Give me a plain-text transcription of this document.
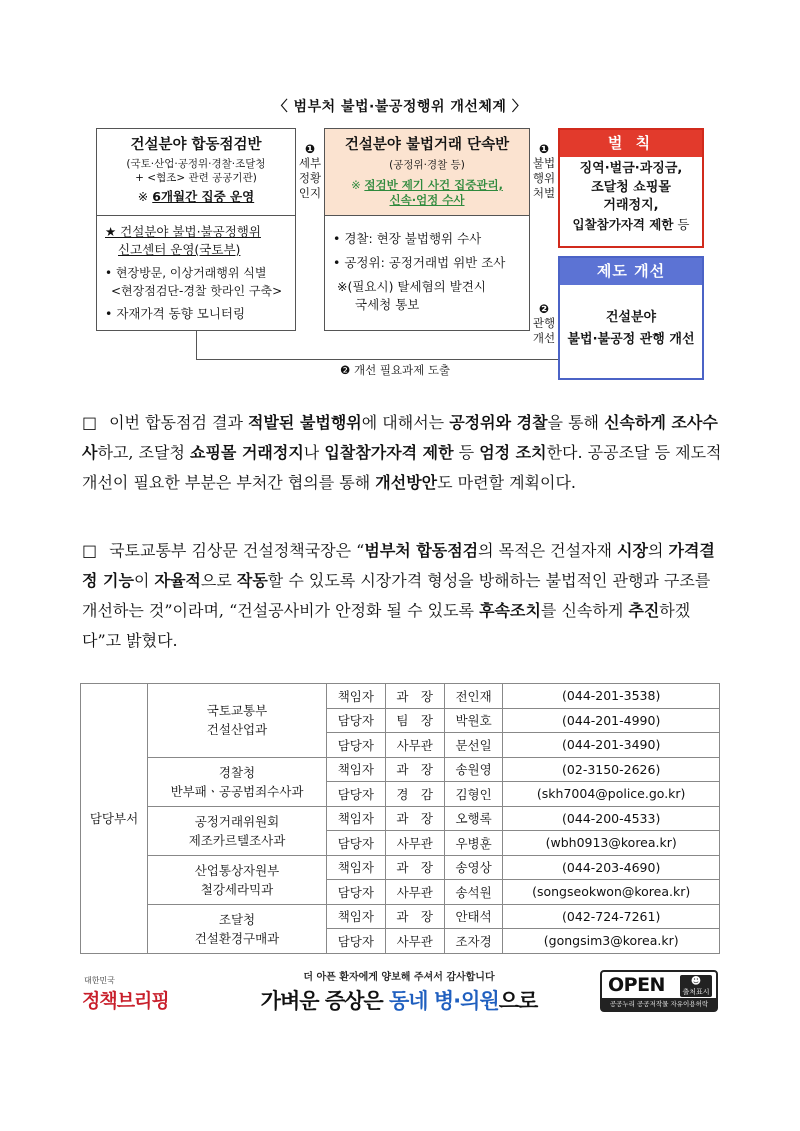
〈 범부처 불법·불공정행위 개선체계 〉
건설분야 합동점검반
(국토·산업·공정위·경찰·조달청
+ <협조> 관련 공공기관)
※ 6개월간 집중 운영
★ 건설분야 불법·불공정행위
신고센터 운영(국토부)
• 현장방문, 이상거래행위 식별
<현장점검단-경찰 핫라인 구축>
• 자재가격 동향 모니터링
❶
세부
정황
인지
건설분야 불법거래 단속반
(공정위·경찰 등)
※ 점검반 제기 사건 집중관리,
신속·엄정 수사
• 경찰: 현장 불법행위 수사
• 공정위: 공정거래법 위반 조사
※(필요시) 탈세혐의 발견시
국세청 통보
❶
불법
행위
처벌
❷
관행
개선
벌 칙
징역·벌금·과징금,
조달청 쇼핑몰
거래정지,
입찰참가자격 제한 등
제도 개선
건설분야
불법·불공정 관행 개선
❷ 개선 필요과제 도출
□ 이번 합동점검 결과 적발된 불법행위에 대해서는 공정위와 경찰을 통해 신속하게 조사수사하고, 조달청 쇼핑몰 거래정지나 입찰참가자격 제한 등 엄정 조치한다. 공공조달 등 제도적 개선이 필요한 부분은 부처간 협의를 통해 개선방안도 마련할 계획이다.
□ 국토교통부 김상문 건설정책국장은 “범부처 합동점검의 목적은 건설자재 시장의 가격결정 기능이 자율적으로 작동할 수 있도록 시장가격 형성을 방해하는 불법적인 관행과 구조를 개선하는 것”이라며, “건설공사비가 안정화 될 수 있도록 후속조치를 신속하게 추진하겠다”고 밝혔다.
담당부서	국토교통부
건설산업과	책임자	과　장	전인재	(044-201-3538)
		담당자	팀　장	박원호	(044-201-4990)
		담당자	사무관	문선일	(044-201-3490)

	경찰청
반부패ㆍ공공범죄수사과	책임자	과　장	송원영	(02-3150-2626)
		담당자	경　감	김형인	(skh7004@police.go.kr)

	공정거래위원회
제조카르텔조사과	책임자	과　장	오행록	(044-200-4533)
		담당자	사무관	우병훈	(wbh0913@korea.kr)

	산업통상자원부
철강세라믹과	책임자	과　장	송영상	(044-203-4690)
		담당자	사무관	송석원	(songseokwon@korea.kr)

	조달청
건설환경구매과	책임자	과　장	안태석	(042-724-7261)
		담당자	사무관	조자경	(gongsim3@korea.kr)
대한민국
정책브리핑
더 아픈 환자에게 양보해 주셔서 감사합니다
가벼운 증상은 동네 병·의원으로
OPEN	☻
출처표시
공공누리 공공저작물 자유이용허락
